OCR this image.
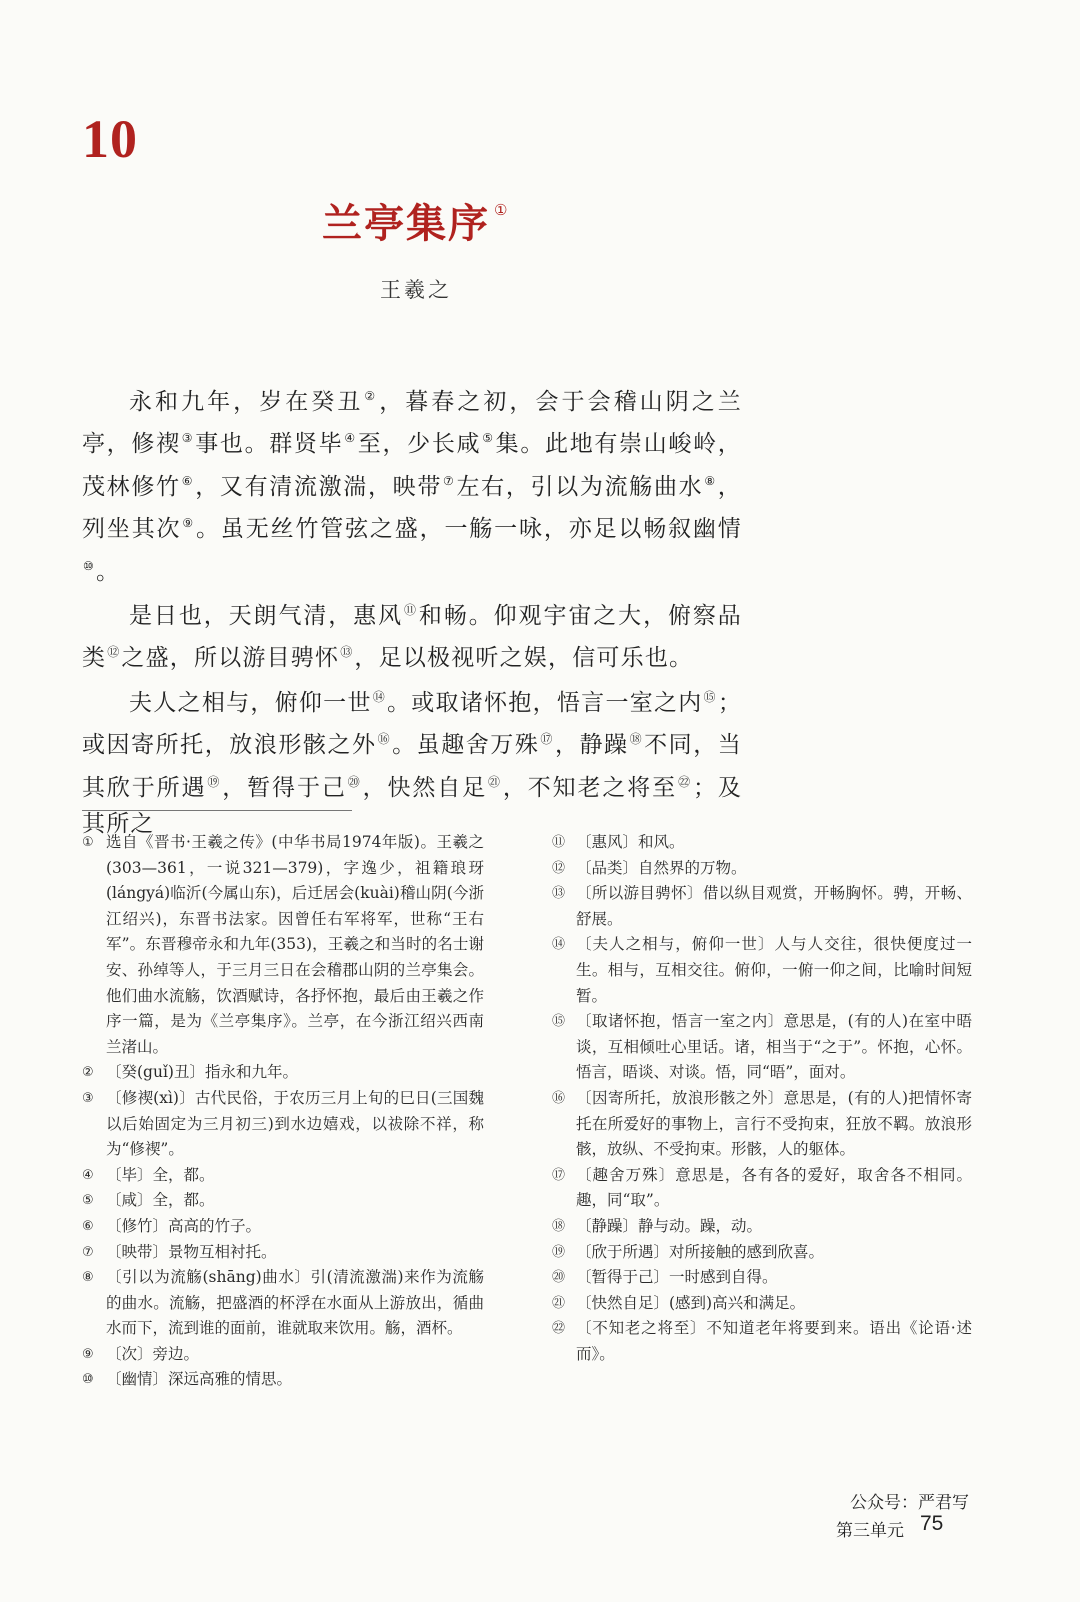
10
兰亭集序 ①
王羲之

永和九年，岁在癸丑②，暮春之初，会于会稽山阴之兰亭，修禊③事也。群贤毕④至，少长咸⑤集。此地有崇山峻岭，茂林修竹⑥，又有清流激湍，映带⑦左右，引以为流觞曲水⑧，列坐其次⑨。虽无丝竹管弦之盛，一觞一咏，亦足以畅叙幽情⑩。

是日也，天朗气清，惠风⑪和畅。仰观宇宙之大，俯察品类⑫之盛，所以游目骋怀⑬，足以极视听之娱，信可乐也。

夫人之相与，俯仰一世⑭。或取诸怀抱，悟言一室之内⑮；或因寄所托，放浪形骸之外⑯。虽趣舍万殊⑰，静躁⑱不同，当其欣于所遇⑲，暂得于己⑳，快然自足$^㉑$，不知老之将至$^㉒$；及其所之

① 选自《晋书·王羲之传》(中华书局1974年版)。王羲之(303—361，一说321—379)，字逸少，祖籍琅玡(lángyá)临沂(今属山东)，后迁居会(kuài)稽山阴(今浙江绍兴)，东晋书法家。因曾任右军将军，世称“王右军”。东晋穆帝永和九年(353)，王羲之和当时的名士谢安、孙绰等人，于三月三日在会稽郡山阴的兰亭集会。他们曲水流觞，饮酒赋诗，各抒怀抱，最后由王羲之作序一篇，是为《兰亭集序》。兰亭，在今浙江绍兴西南兰渚山。
② 〔癸(guǐ)丑〕指永和九年。
③ 〔修禊(xì)〕古代民俗，于农历三月上旬的巳日(三国魏以后始固定为三月初三)到水边嬉戏，以祓除不祥，称为“修禊”。
④ 〔毕〕全，都。
⑤ 〔咸〕全，都。
⑥ 〔修竹〕高高的竹子。
⑦ 〔映带〕景物互相衬托。
⑧ 〔引以为流觞(shāng)曲水〕引(清流激湍)来作为流觞的曲水。流觞，把盛酒的杯浮在水面从上游放出，循曲水而下，流到谁的面前，谁就取来饮用。觞，酒杯。
⑨ 〔次〕旁边。
⑩ 〔幽情〕深远高雅的情思。
⑪ 〔惠风〕和风。
⑫ 〔品类〕自然界的万物。
⑬ 〔所以游目骋怀〕借以纵目观赏，开畅胸怀。骋，开畅、舒展。
⑭ 〔夫人之相与，俯仰一世〕人与人交往，很快便度过一生。相与，互相交往。俯仰，一俯一仰之间，比喻时间短暂。
⑮ 〔取诸怀抱，悟言一室之内〕意思是，(有的人)在室中晤谈，互相倾吐心里话。诸，相当于“之于”。怀抱，心怀。悟言，晤谈、对谈。悟，同“晤”，面对。
⑯ 〔因寄所托，放浪形骸之外〕意思是，(有的人)把情怀寄托在所爱好的事物上，言行不受拘束，狂放不羁。放浪形骸，放纵、不受拘束。形骸，人的躯体。
⑰ 〔趣舍万殊〕意思是，各有各的爱好，取舍各不相同。趣，同“取”。
⑱ 〔静躁〕静与动。躁，动。
⑲ 〔欣于所遇〕对所接触的感到欣喜。
⑳ 〔暂得于己〕一时感到自得。
㉑ 〔快然自足〕(感到)高兴和满足。
㉒ 〔不知老之将至〕不知道老年将要到来。语出《论语·述而》。
公众号：严君写
第三单元 75
